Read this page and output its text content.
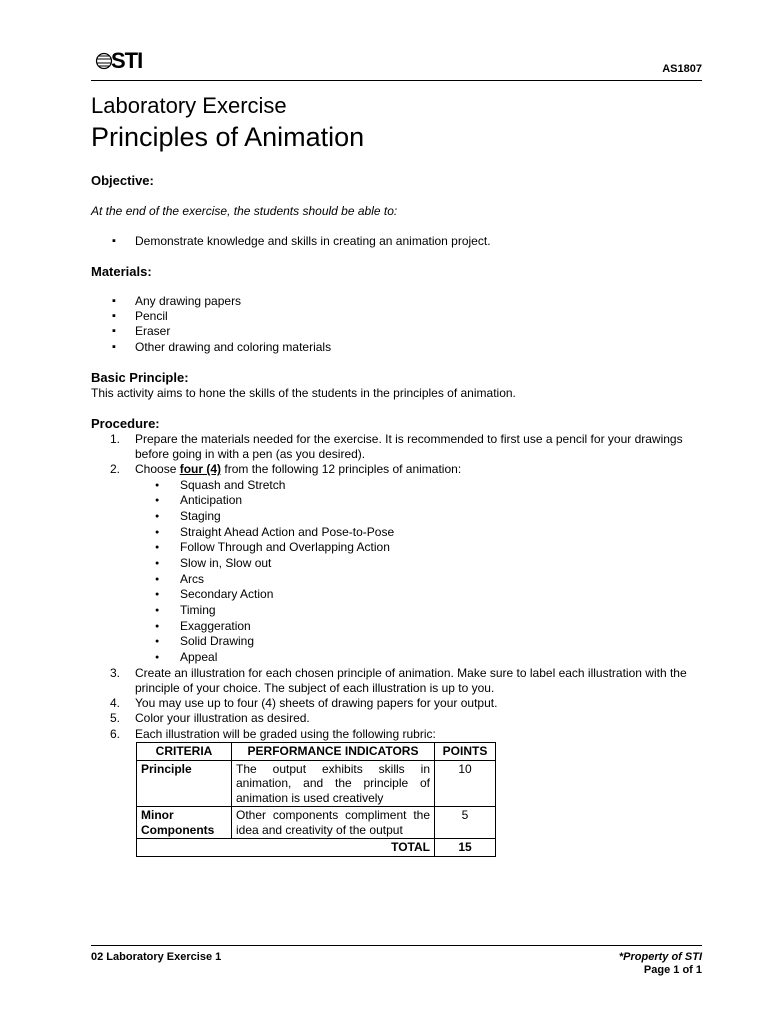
STI	AS1807
Laboratory Exercise
Principles of Animation
Objective:
At the end of the exercise, the students should be able to:
▪ Demonstrate knowledge and skills in creating an animation project.
Materials:
▪ Any drawing papers
▪ Pencil
▪ Eraser
▪ Other drawing and coloring materials
Basic Principle:
This activity aims to hone the skills of the students in the principles of animation.
Procedure:
1. Prepare the materials needed for the exercise. It is recommended to first use a pencil for your drawings before going in with a pen (as you desired).
2. Choose four (4) from the following 12 principles of animation:
● Squash and Stretch
● Anticipation
● Staging
● Straight Ahead Action and Pose-to-Pose
● Follow Through and Overlapping Action
● Slow in, Slow out
● Arcs
● Secondary Action
● Timing
● Exaggeration
● Solid Drawing
● Appeal
3. Create an illustration for each chosen principle of animation. Make sure to label each illustration with the principle of your choice. The subject of each illustration is up to you.
4. You may use up to four (4) sheets of drawing papers for your output.
5. Color your illustration as desired.
6. Each illustration will be graded using the following rubric:
CRITERIA	PERFORMANCE INDICATORS	POINTS
Principle	The output exhibits skills in animation, and the principle of animation is used creatively	10
Minor Components	Other components compliment the idea and creativity of the output	5
TOTAL		15
02 Laboratory Exercise 1	*Property of STI
Page 1 of 1
